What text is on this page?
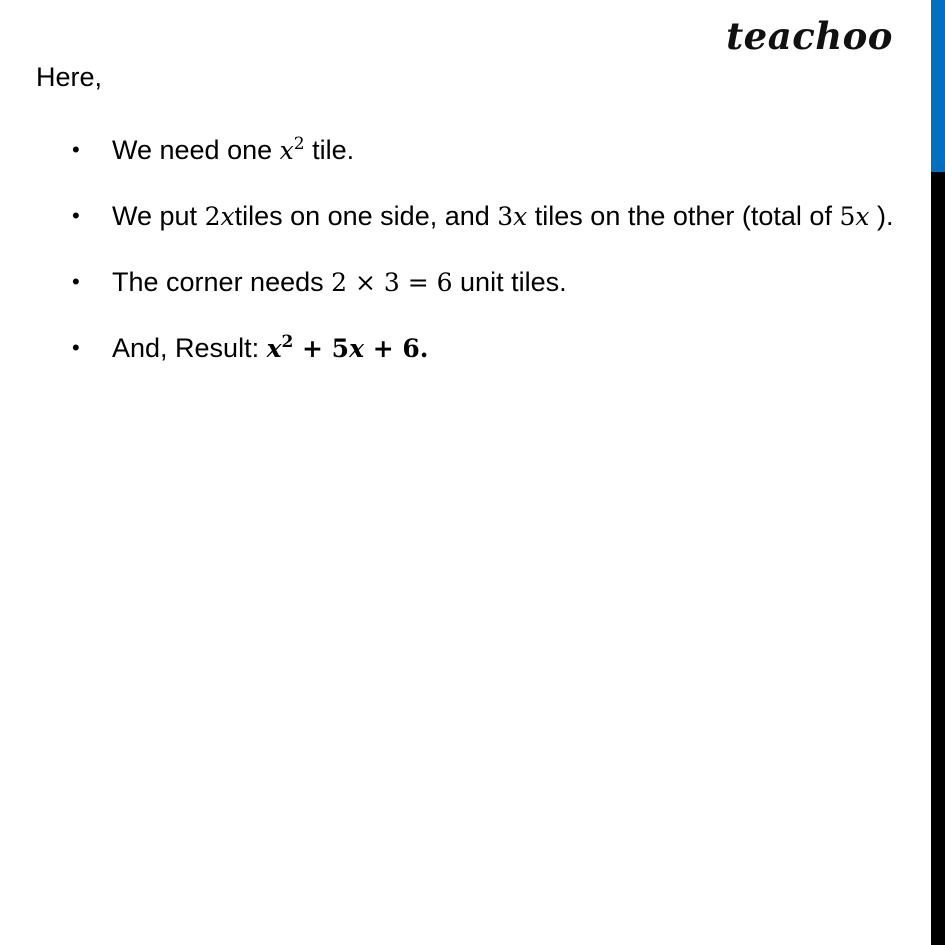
teachoo
Here,
• We need one $x^2$ tile.
• We put 2xtiles on one side, and 3x tiles on the other (total of 5x ).
• The corner needs 2 × 3 = 6 unit tiles.
• And, Result: $x^2 + 5x + 6$.
